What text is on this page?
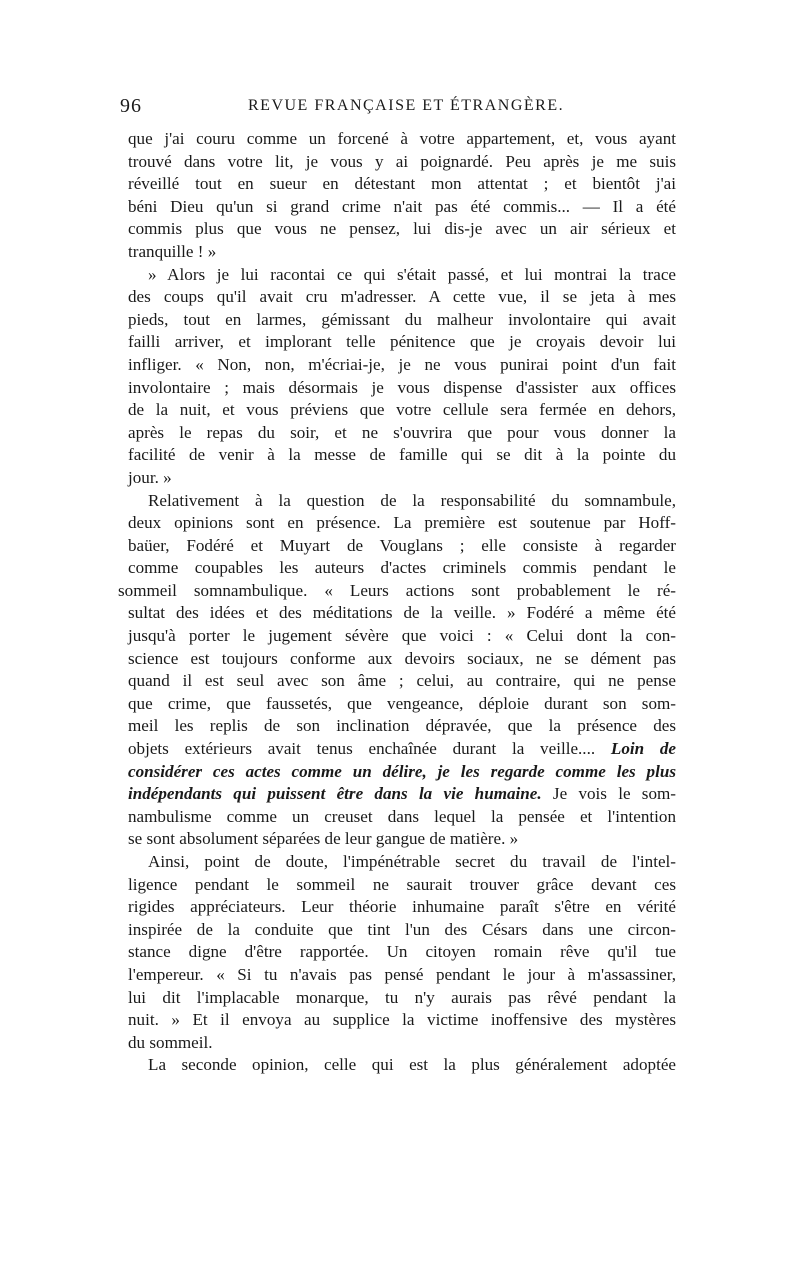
96	REVUE FRANÇAISE ET ÉTRANGÈRE.
que j'ai couru comme un forcené à votre appartement, et, vous ayant
trouvé dans votre lit, je vous y ai poignardé. Peu après je me suis
réveillé tout en sueur en détestant mon attentat ; et bientôt j'ai
béni Dieu qu'un si grand crime n'ait pas été commis... — Il a été
commis plus que vous ne pensez, lui dis-je avec un air sérieux et
tranquille ! »
» Alors je lui racontai ce qui s'était passé, et lui montrai la trace
des coups qu'il avait cru m'adresser. A cette vue, il se jeta à mes
pieds, tout en larmes, gémissant du malheur involontaire qui avait
failli arriver, et implorant telle pénitence que je croyais devoir lui
infliger. « Non, non, m'écriai-je, je ne vous punirai point d'un fait
involontaire ; mais désormais je vous dispense d'assister aux offices
de la nuit, et vous préviens que votre cellule sera fermée en dehors,
après le repas du soir, et ne s'ouvrira que pour vous donner la
facilité de venir à la messe de famille qui se dit à la pointe du
jour. »
Relativement à la question de la responsabilité du somnambule,
deux opinions sont en présence. La première est soutenue par Hoff-
baüer, Fodéré et Muyart de Vouglans ; elle consiste à regarder
comme coupables les auteurs d'actes criminels commis pendant le
sommeil somnambulique. « Leurs actions sont probablement le ré-
sultat des idées et des méditations de la veille. » Fodéré a même été
jusqu'à porter le jugement sévère que voici : « Celui dont la con-
science est toujours conforme aux devoirs sociaux, ne se dément pas
quand il est seul avec son âme ; celui, au contraire, qui ne pense
que crime, que faussetés, que vengeance, déploie durant son som-
meil les replis de son inclination dépravée, que la présence des
objets extérieurs avait tenus enchaînée durant la veille.... Loin de
considérer ces actes comme un délire, je les regarde comme les plus
indépendants qui puissent être dans la vie humaine. Je vois le som-
nambulisme comme un creuset dans lequel la pensée et l'intention
se sont absolument séparées de leur gangue de matière. »
Ainsi, point de doute, l'impénétrable secret du travail de l'intel-
ligence pendant le sommeil ne saurait trouver grâce devant ces
rigides appréciateurs. Leur théorie inhumaine paraît s'être en vérité
inspirée de la conduite que tint l'un des Césars dans une circon-
stance digne d'être rapportée. Un citoyen romain rêve qu'il tue
l'empereur. « Si tu n'avais pas pensé pendant le jour à m'assassiner,
lui dit l'implacable monarque, tu n'y aurais pas rêvé pendant la
nuit. » Et il envoya au supplice la victime inoffensive des mystères
du sommeil.
La seconde opinion, celle qui est la plus généralement adoptée
